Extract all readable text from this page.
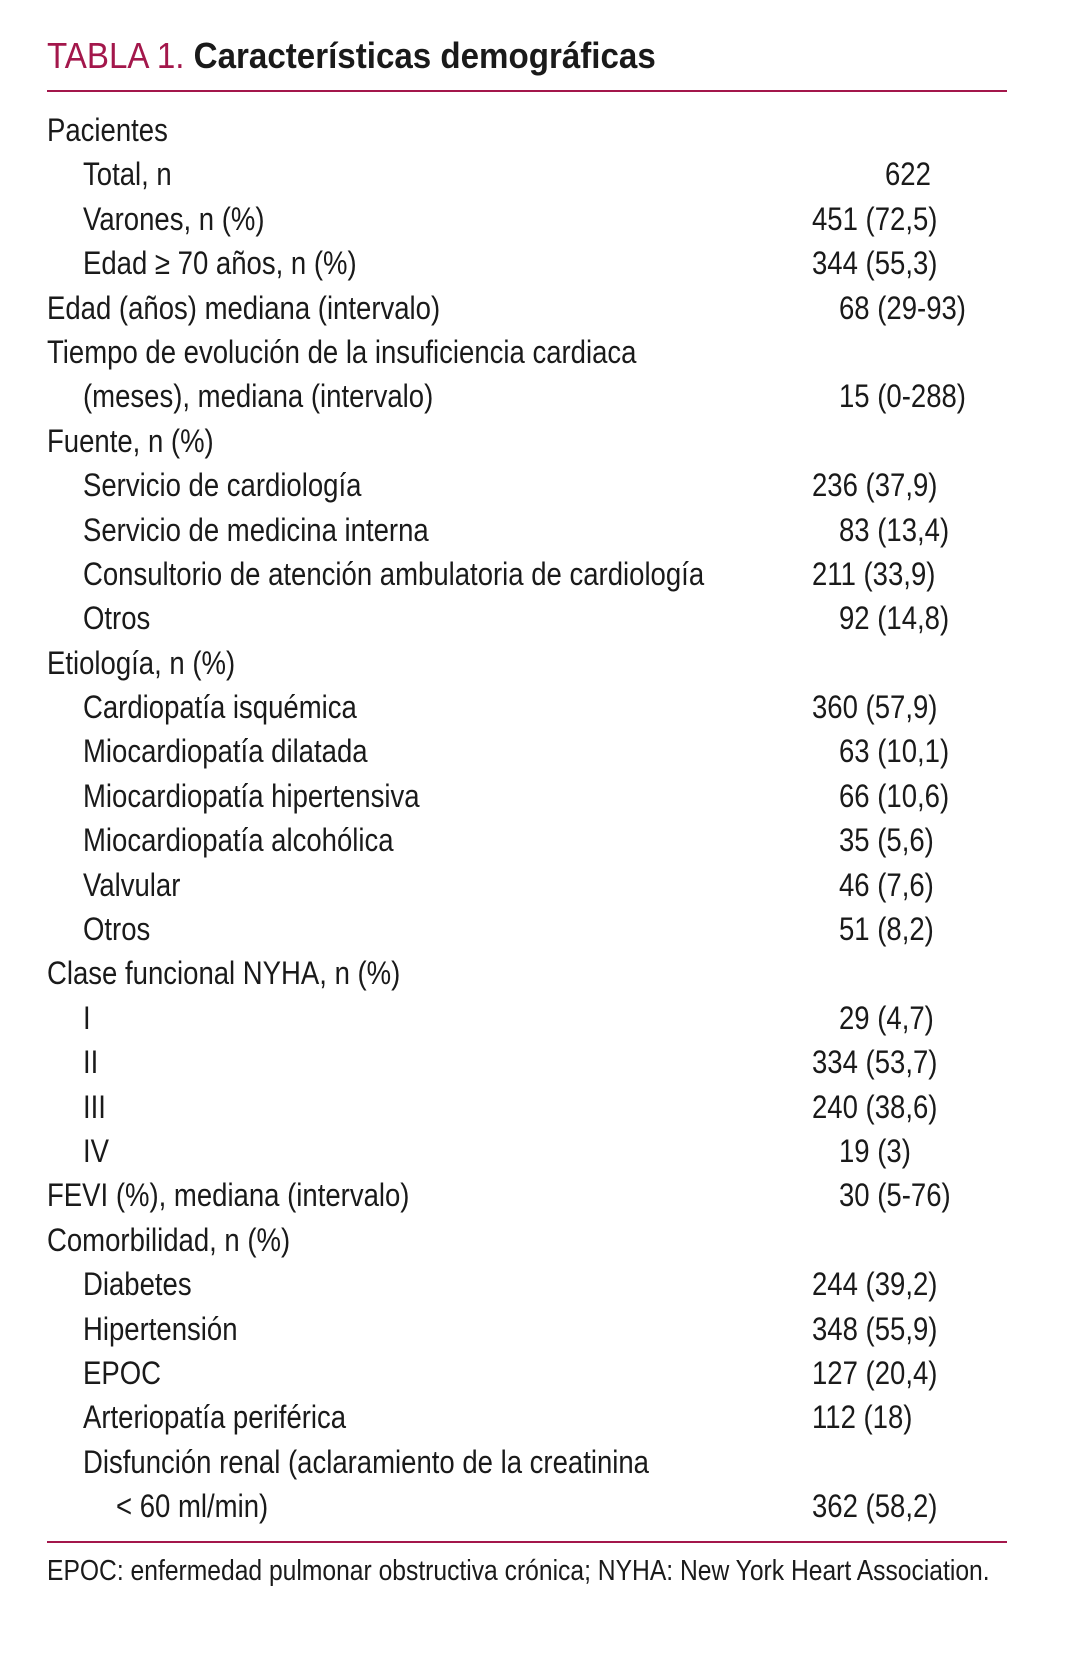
TABLA 1. Características demográficas
Pacientes
Total, n	622
Varones, n (%)	451 (72,5)
Edad ≥ 70 años, n (%)	344 (55,3)
Edad (años) mediana (intervalo)	68 (29-93)
Tiempo de evolución de la insuficiencia cardiaca
(meses), mediana (intervalo)	15 (0-288)
Fuente, n (%)
Servicio de cardiología	236 (37,9)
Servicio de medicina interna	83 (13,4)
Consultorio de atención ambulatoria de cardiología	211 (33,9)
Otros	92 (14,8)
Etiología, n (%)
Cardiopatía isquémica	360 (57,9)
Miocardiopatía dilatada	63 (10,1)
Miocardiopatía hipertensiva	66 (10,6)
Miocardiopatía alcohólica	35 (5,6)
Valvular	46 (7,6)
Otros	51 (8,2)
Clase funcional NYHA, n (%)
I	29 (4,7)
II	334 (53,7)
III	240 (38,6)
IV	19 (3)
FEVI (%), mediana (intervalo)	30 (5-76)
Comorbilidad, n (%)
Diabetes	244 (39,2)
Hipertensión	348 (55,9)
EPOC	127 (20,4)
Arteriopatía periférica	112 (18)
Disfunción renal (aclaramiento de la creatinina
< 60 ml/min)	362 (58,2)
EPOC: enfermedad pulmonar obstructiva crónica; NYHA: New York Heart Association.
